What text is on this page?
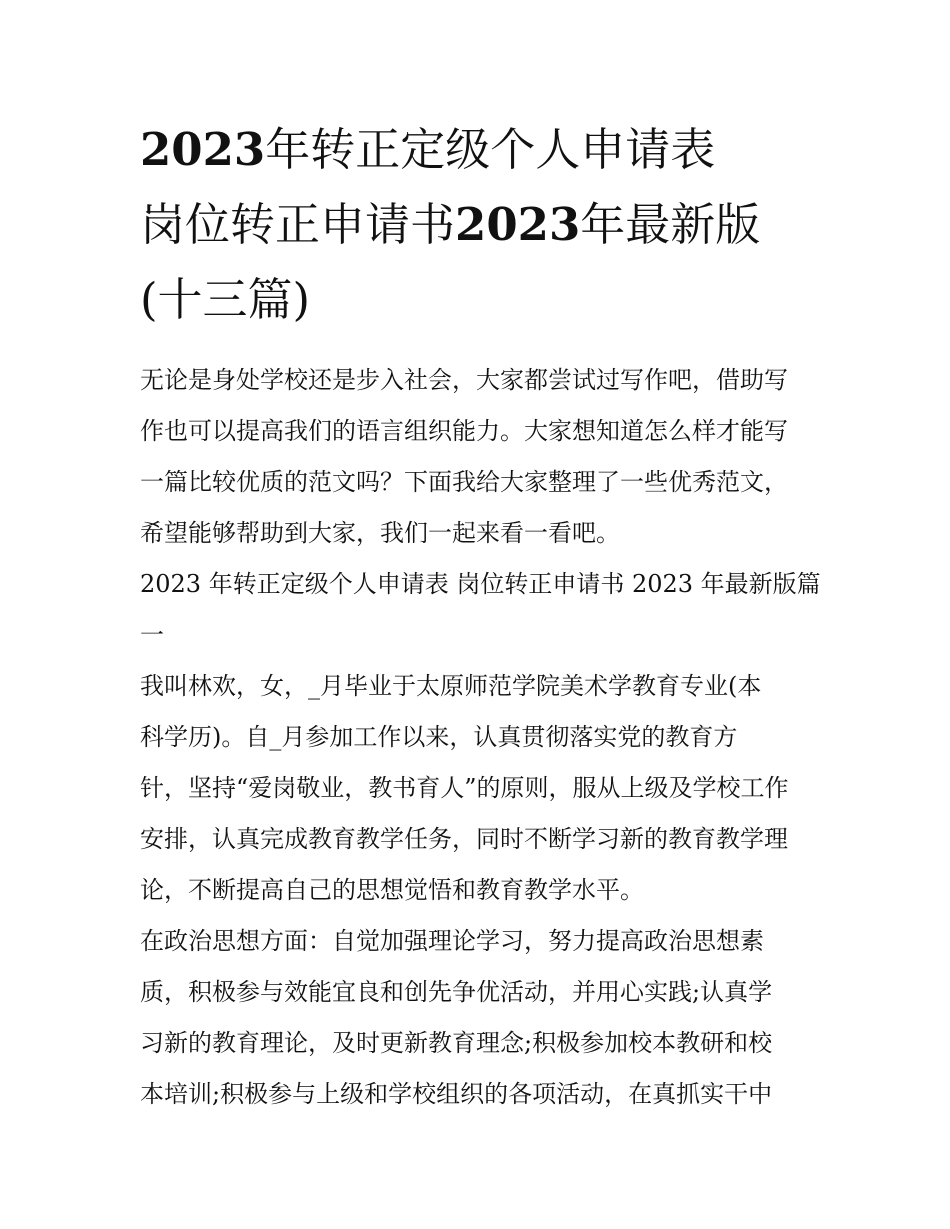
2023年转正定级个人申请表
岗位转正申请书2023年最新版
(十三篇)
无论是身处学校还是步入社会，大家都尝试过写作吧，借助写
作也可以提高我们的语言组织能力。大家想知道怎么样才能写
一篇比较优质的范文吗？下面我给大家整理了一些优秀范文，
希望能够帮助到大家，我们一起来看一看吧。
2023 年转正定级个人申请表 岗位转正申请书 2023 年最新版篇
一
我叫林欢，女，_月毕业于太原师范学院美术学教育专业(本
科学历)。自_月参加工作以来，认真贯彻落实党的教育方
针，坚持“爱岗敬业，教书育人”的原则，服从上级及学校工作
安排，认真完成教育教学任务，同时不断学习新的教育教学理
论，不断提高自己的思想觉悟和教育教学水平。
在政治思想方面：自觉加强理论学习，努力提高政治思想素
质，积极参与效能宜良和创先争优活动，并用心实践;认真学
习新的教育理论，及时更新教育理念;积极参加校本教研和校
本培训;积极参与上级和学校组织的各项活动，在真抓实干中
